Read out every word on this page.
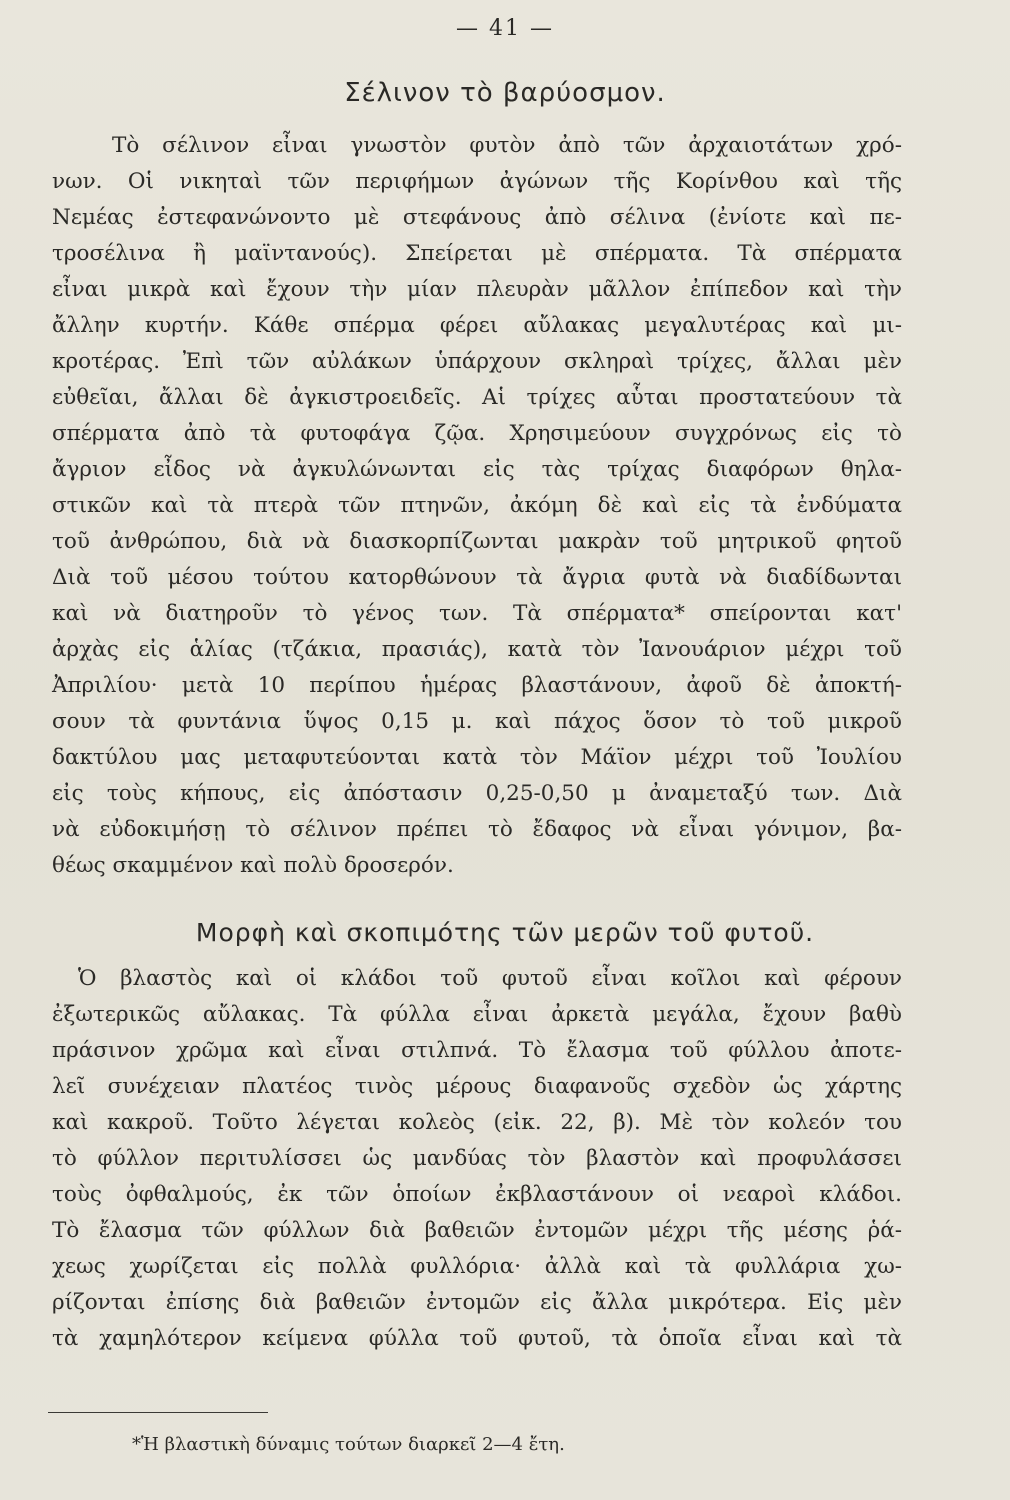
— 41 —
Σέλινον τὸ βαρύοσμον.
Τὸ σέλινον εἶναι γνωστὸν φυτὸν ἀπὸ τῶν ἀρχαιοτάτων χρό-
νων. Οἱ νικηταὶ τῶν περιφήμων ἀγώνων τῆς Κορίνθου καὶ τῆς
Νεμέας ἐστεφανώνοντο μὲ στεφάνους ἀπὸ σέλινα (ἐνίοτε καὶ πε-
τροσέλινα ἢ μαϊντανούς). Σπείρεται μὲ σπέρματα. Τὰ σπέρματα
εἶναι μικρὰ καὶ ἔχουν τὴν μίαν πλευρὰν μᾶλλον ἐπίπεδον καὶ τὴν
ἄλλην κυρτήν. Κάθε σπέρμα φέρει αὔλακας μεγαλυτέρας καὶ μι-
κροτέρας. Ἐπὶ τῶν αὐλάκων ὑπάρχουν σκληραὶ τρίχες, ἄλλαι μὲν
εὐθεῖαι, ἄλλαι δὲ ἀγκιστροειδεῖς. Αἱ τρίχες αὗται προστατεύουν τὰ
σπέρματα ἀπὸ τὰ φυτοφάγα ζῷα. Χρησιμεύουν συγχρόνως εἰς τὸ
ἄγριον εἶδος νὰ ἀγκυλώνωνται εἰς τὰς τρίχας διαφόρων θηλα-
στικῶν καὶ τὰ πτερὰ τῶν πτηνῶν, ἀκόμη δὲ καὶ εἰς τὰ ἐνδύματα
τοῦ ἀνθρώπου, διὰ νὰ διασκορπίζωνται μακρὰν τοῦ μητρικοῦ φητοῦ
Διὰ τοῦ μέσου τούτου κατορθώνουν τὰ ἄγρια φυτὰ νὰ διαδίδωνται
καὶ νὰ διατηροῦν τὸ γένος των. Τὰ σπέρματα* σπείρονται κατ'
ἀρχὰς εἰς ἁλίας (τζάκια, πρασιάς), κατὰ τὸν Ἰανουάριον μέχρι τοῦ
Ἀπριλίου· μετὰ 10 περίπου ἡμέρας βλαστάνουν, ἀφοῦ δὲ ἀποκτή-
σουν τὰ φυντάνια ὕψος 0,15 μ. καὶ πάχος ὅσον τὸ τοῦ μικροῦ
δακτύλου μας μεταφυτεύονται κατὰ τὸν Μάϊον μέχρι τοῦ Ἰουλίου
εἰς τοὺς κήπους, εἰς ἀπόστασιν 0,25-0,50 μ ἀναμεταξύ των. Διὰ
νὰ εὐδοκιμήσῃ τὸ σέλινον πρέπει τὸ ἔδαφος νὰ εἶναι γόνιμον, βα-
θέως σκαμμένον καὶ πολὺ δροσερόν.
Μορφὴ καὶ σκοπιμότης τῶν μερῶν τοῦ φυτοῦ.
Ὁ βλαστὸς καὶ οἱ κλάδοι τοῦ φυτοῦ εἶναι κοῖλοι καὶ φέρουν
ἐξωτερικῶς αὔλακας. Τὰ φύλλα εἶναι ἀρκετὰ μεγάλα, ἔχουν βαθὺ
πράσινον χρῶμα καὶ εἶναι στιλπνά. Τὸ ἔλασμα τοῦ φύλλου ἀποτε-
λεῖ συνέχειαν πλατέος τινὸς μέρους διαφανοῦς σχεδὸν ὡς χάρτης
καὶ κακροῦ. Τοῦτο λέγεται κολεὸς (εἰκ. 22, β). Μὲ τὸν κολεόν του
τὸ φύλλον περιτυλίσσει ὡς μανδύας τὸν βλαστὸν καὶ προφυλάσσει
τοὺς ὀφθαλμούς, ἐκ τῶν ὁποίων ἐκβλαστάνουν οἱ νεαροὶ κλάδοι.
Τὸ ἔλασμα τῶν φύλλων διὰ βαθειῶν ἐντομῶν μέχρι τῆς μέσης ῥά-
χεως χωρίζεται εἰς πολλὰ φυλλόρια· ἀλλὰ καὶ τὰ φυλλάρια χω-
ρίζονται ἐπίσης διὰ βαθειῶν ἐντομῶν εἰς ἄλλα μικρότερα. Εἰς μὲν
τὰ χαμηλότερον κείμενα φύλλα τοῦ φυτοῦ, τὰ ὁποῖα εἶναι καὶ τὰ
*Ἡ βλαστικὴ δύναμις τούτων διαρκεῖ 2—4 ἔτη.
